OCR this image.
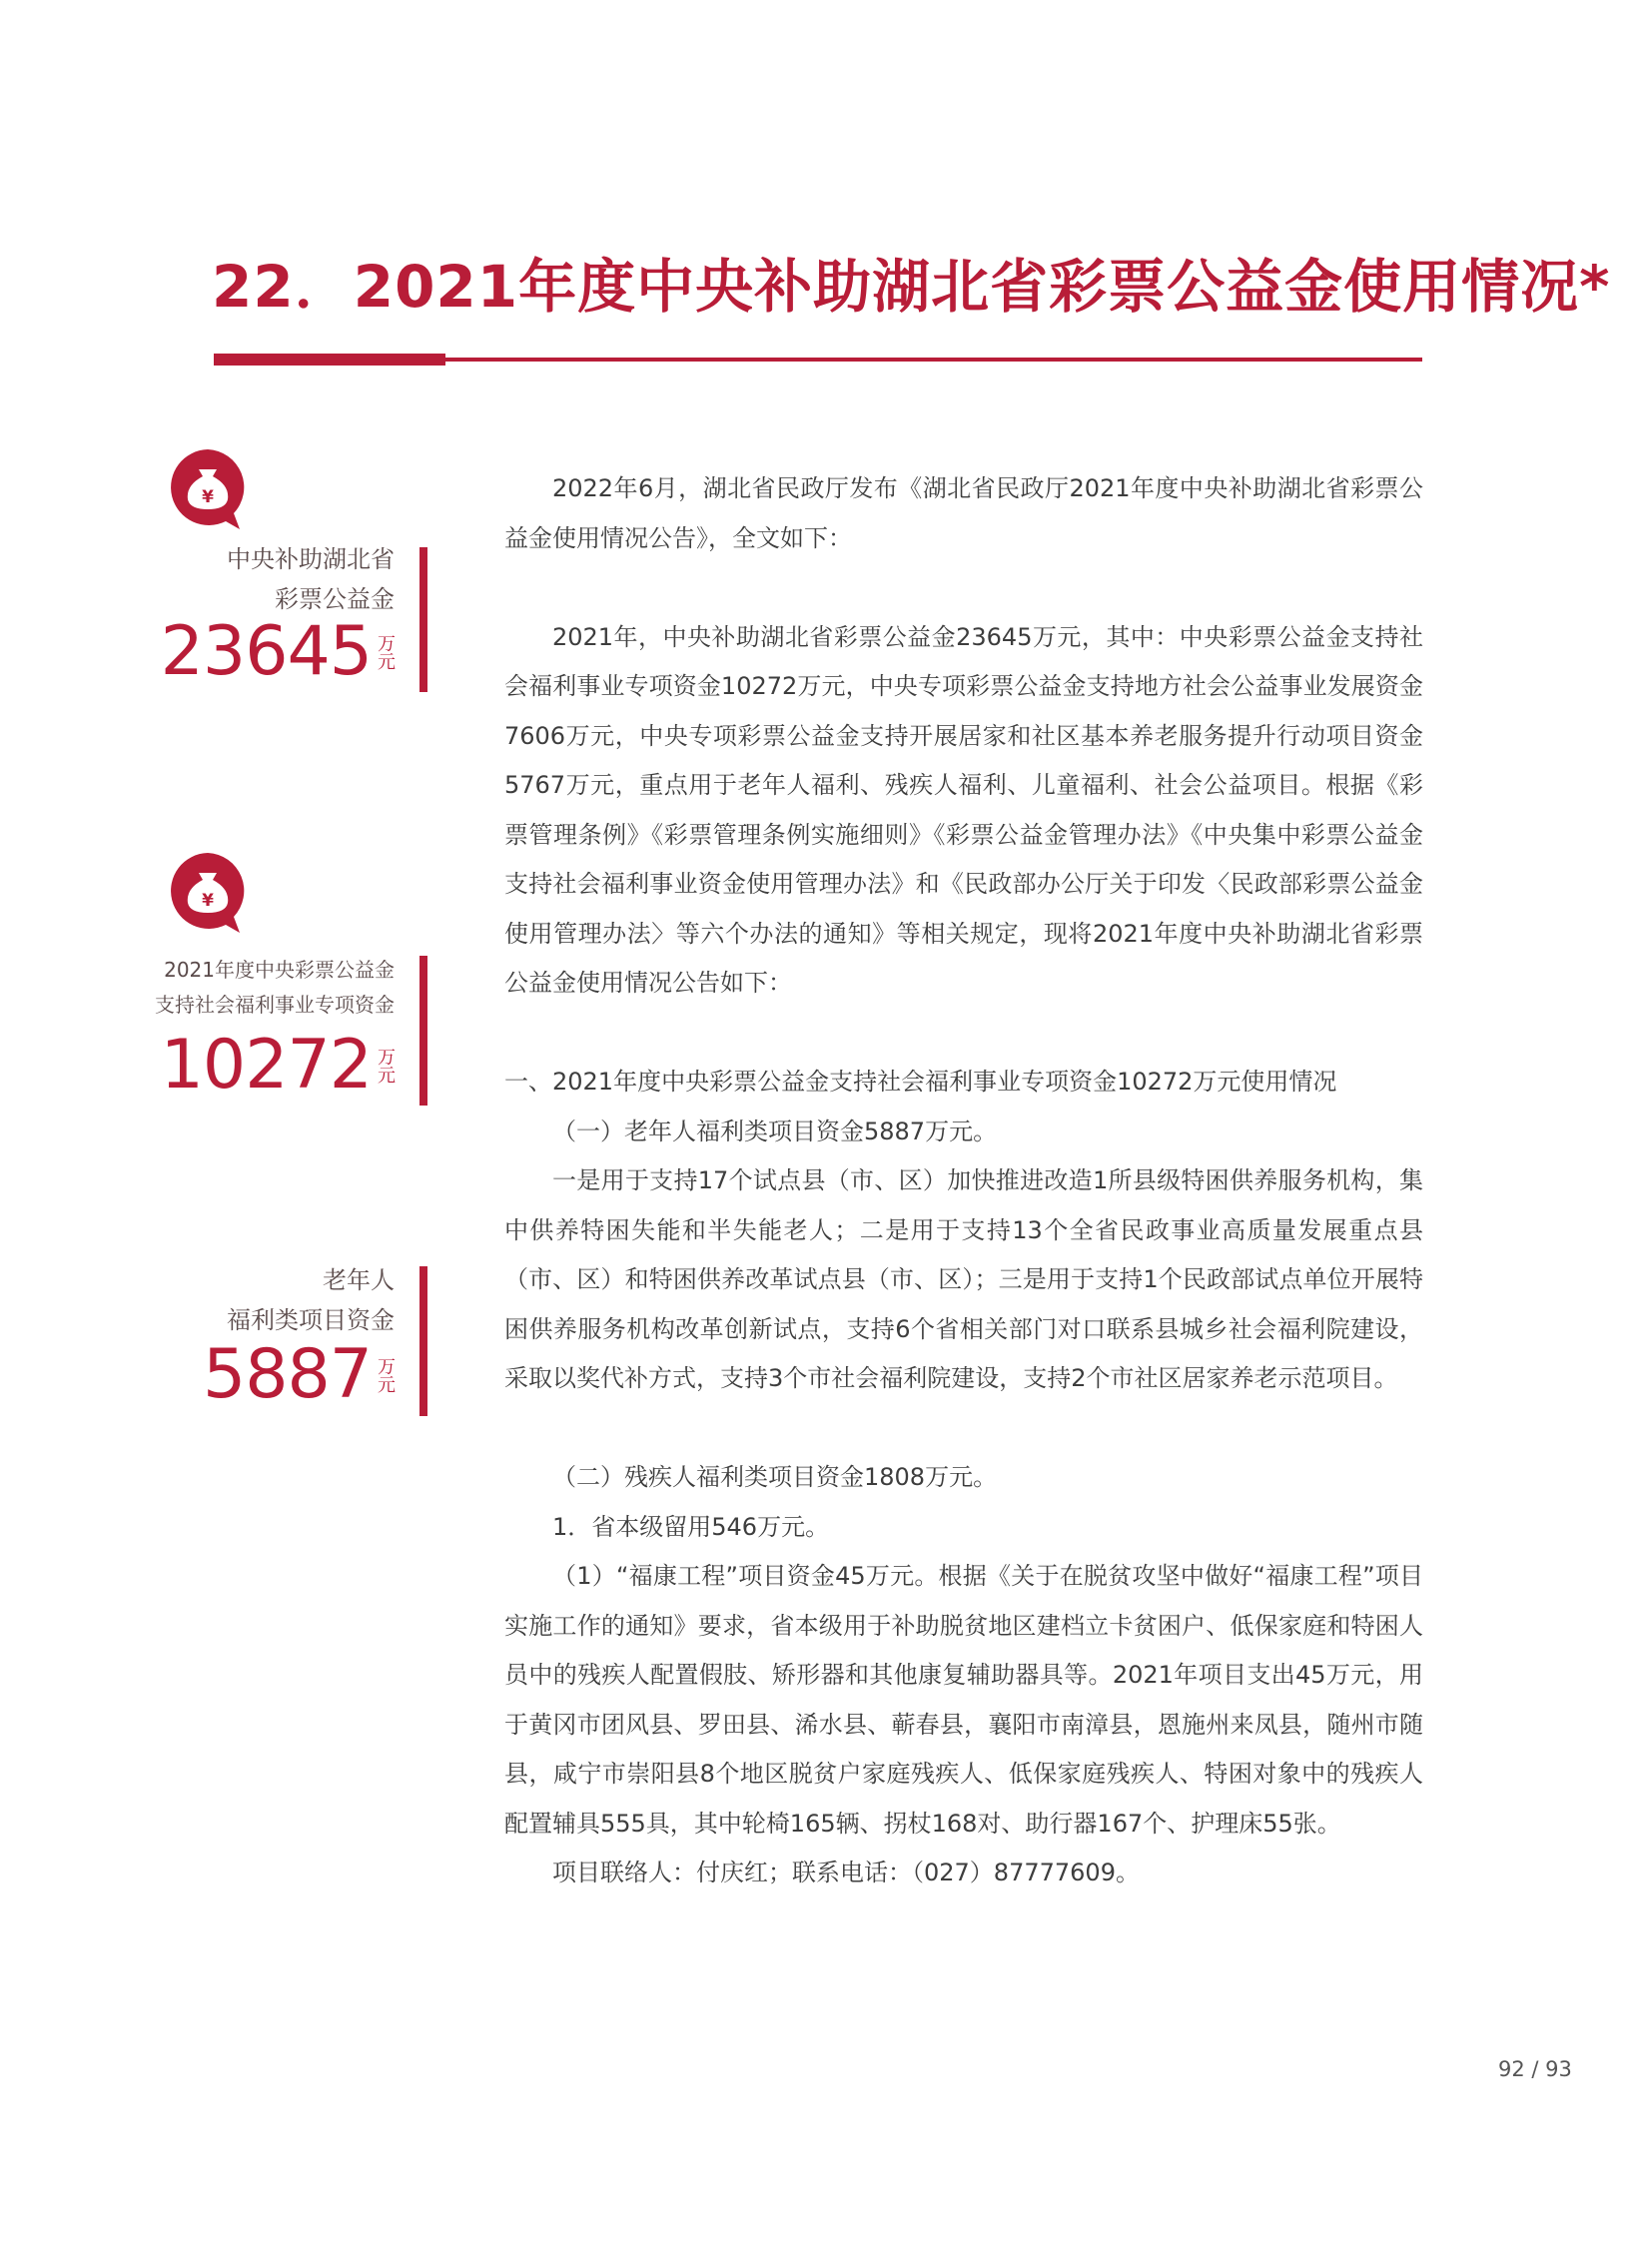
22．2021年度中央补助湖北省彩票公益金使用情况*
¥
中央补助湖北省
彩票公益金
23645 万元
¥
2021年度中央彩票公益金
支持社会福利事业专项资金
10272 万元
老年人
福利类项目资金
5887 万元

2022年6月，湖北省民政厅发布《湖北省民政厅2021年度中央补助湖北省彩票公益金使用情况公告》，全文如下：

2021年，中央补助湖北省彩票公益金23645万元，其中：中央彩票公益金支持社会福利事业专项资金10272万元，中央专项彩票公益金支持地方社会公益事业发展资金7606万元，中央专项彩票公益金支持开展居家和社区基本养老服务提升行动项目资金5767万元，重点用于老年人福利、残疾人福利、儿童福利、社会公益项目。根据《彩票管理条例》《彩票管理条例实施细则》《彩票公益金管理办法》《中央集中彩票公益金支持社会福利事业资金使用管理办法》和《民政部办公厅关于印发〈民政部彩票公益金使用管理办法〉等六个办法的通知》等相关规定，现将2021年度中央补助湖北省彩票公益金使用情况公告如下：

一、2021年度中央彩票公益金支持社会福利事业专项资金10272万元使用情况

（一）老年人福利类项目资金5887万元。

一是用于支持17个试点县（市、区）加快推进改造1所县级特困供养服务机构，集中供养特困失能和半失能老人；二是用于支持13个全省民政事业高质量发展重点县（市、区）和特困供养改革试点县（市、区）；三是用于支持1个民政部试点单位开展特困供养服务机构改革创新试点，支持6个省相关部门对口联系县城乡社会福利院建设，采取以奖代补方式，支持3个市社会福利院建设，支持2个市社区居家养老示范项目。

（二）残疾人福利类项目资金1808万元。

1．省本级留用546万元。

（1）“福康工程”项目资金45万元。根据《关于在脱贫攻坚中做好“福康工程”项目实施工作的通知》要求，省本级用于补助脱贫地区建档立卡贫困户、低保家庭和特困人员中的残疾人配置假肢、矫形器和其他康复辅助器具等。2021年项目支出45万元，用于黄冈市团风县、罗田县、浠水县、蕲春县，襄阳市南漳县，恩施州来凤县，随州市随县，咸宁市崇阳县8个地区脱贫户家庭残疾人、低保家庭残疾人、特困对象中的残疾人配置辅具555具，其中轮椅165辆、拐杖168对、助行器167个、护理床55张。

项目联络人：付庆红；联系电话：（027）87777609。

92 / 93
